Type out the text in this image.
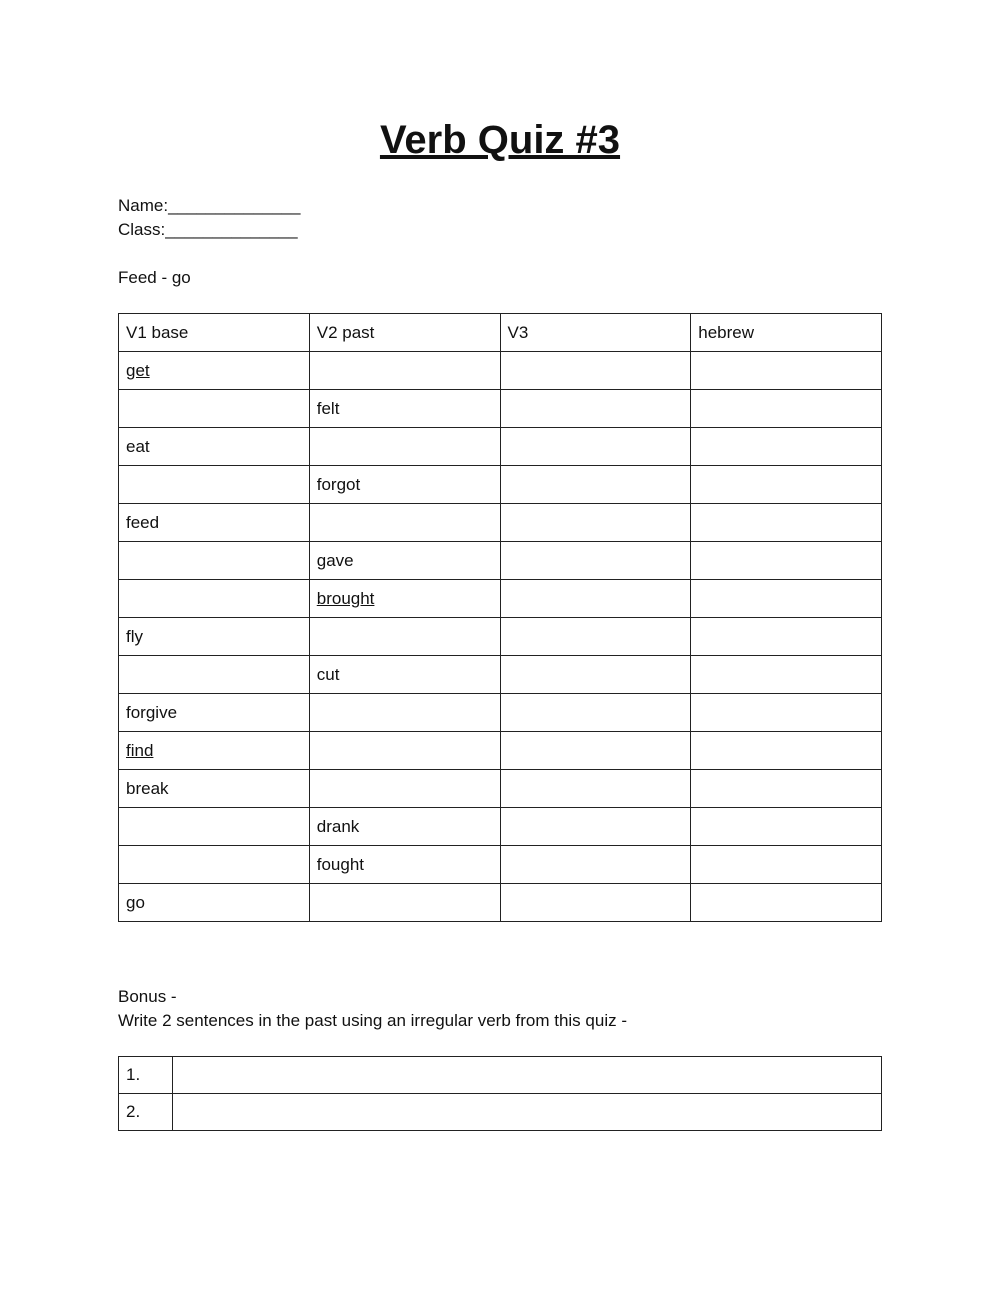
Verb Quiz #3
Name:______________
Class:______________
Feed - go
V1 base	V2 past	V3	hebrew
get			
	felt		
eat			
	forgot		
feed			
	gave		
	brought		
fly			
	cut		
forgive			
find			
break			
	drank		
	fought		
go			
Bonus -
Write 2 sentences in the past using an irregular verb from this quiz -
1.	
2.	
